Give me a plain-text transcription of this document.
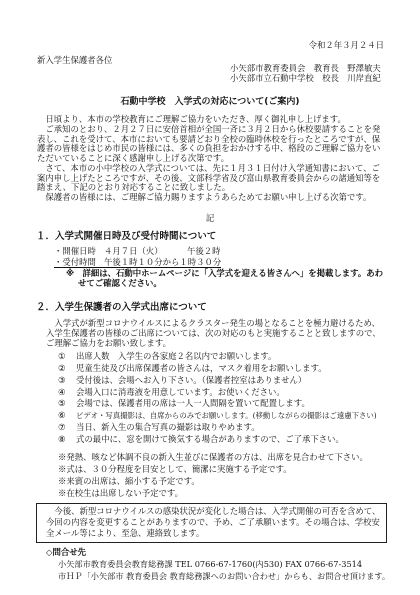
令和２年３月２４日
新入学生保護者各位
小矢部市教育委員会　教育長　野澤敏夫
小矢部市立石動中学校　校長　川岸直紀
石動中学校　入学式の対応について(ご案内)

日頃より、本市の学校教育にご理解ご協力をいただき、厚く御礼申し上げます。

ご承知のとおり、２月２７日に安倍首相が全国一斉に３月２日から休校要請することを発表し、これを受けて、本市においても要請どおり全校の臨時休校を行ったところですが、保護者の皆様をはじめ市民の皆様には、多くの負担をおかけする中、格段のご理解ご協力をいただいていることに深く感謝申し上げる次第です。

さて、本市の小中学校の入学式については、先に１月３１日付け入学通知書において、ご案内申し上げたところですが、その後、文部科学省及び富山県教育委員会からの諸通知等を踏まえ、下記のとおり対応することに致しました。

保護者の皆様には、ご理解ご協力賜りますようあらためてお願い申し上げる次第です。

記
１．入学式開催日時及び受付時間について
・開催日時 ４月７日（火）	午後２時
・受付時間 午後１時１０分から１時３０分
※　詳細は、石動中ホームページに「入学式を迎える皆さんへ」を掲載します。あわせてご確認ください。
２．入学生保護者の入学式出席について
入学式が新型コロナウイルスによるクラスター発生の場となることを極力避けるため、入学生保護者の皆様のご出席については、次の対応のもと実施することと致しますので、ご理解ご協力をお願い致します。
① 出席人数　入学生の各家庭２名以内でお願いします。
② 児童生徒及び出席保護者の皆さんは，マスク着用をお願いします。
③ 受付後は、会場へお入り下さい。（保護者控室はありません）
④ 会場入口に消毒液を用意しています。お使いください。
⑤ 会場では、保護者用の席は一人一人間隔を置いて配置します。
⑥ ビデオ・写真撮影は、自席からのみでお願いします。(移動しながらの撮影はご遠慮下さい)
⑦ 当日、新入生の集合写真の撮影は取りやめます。
⑧ 式の最中に、窓を開けて換気する場合がありますので、ご了承下さい。
※発熱、咳など体調不良の新入生並びに保護者の方は、出席を見合わせて下さい。
※式は、３０分程度を目安として、簡潔に実施する予定です。
※来賓の出席は、縮小する予定です。
※在校生は出席しない予定です。
今後、新型コロナウイルスの感染状況が変化した場合は、入学式開催の可否を含めて、今回の内容を変更することがありますので、予め、ご了承願います。その場合は、学校安全メール等により、至急、連絡致します。
◇問合せ先
小矢部市教育委員会教育総務課 TEL 0766-67-1760(内530) FAX 0766-67-3514
市ＨＰ「小矢部市 教育委員会 教育総務課へのお問い合わせ」からも、お問合せ頂けます。
